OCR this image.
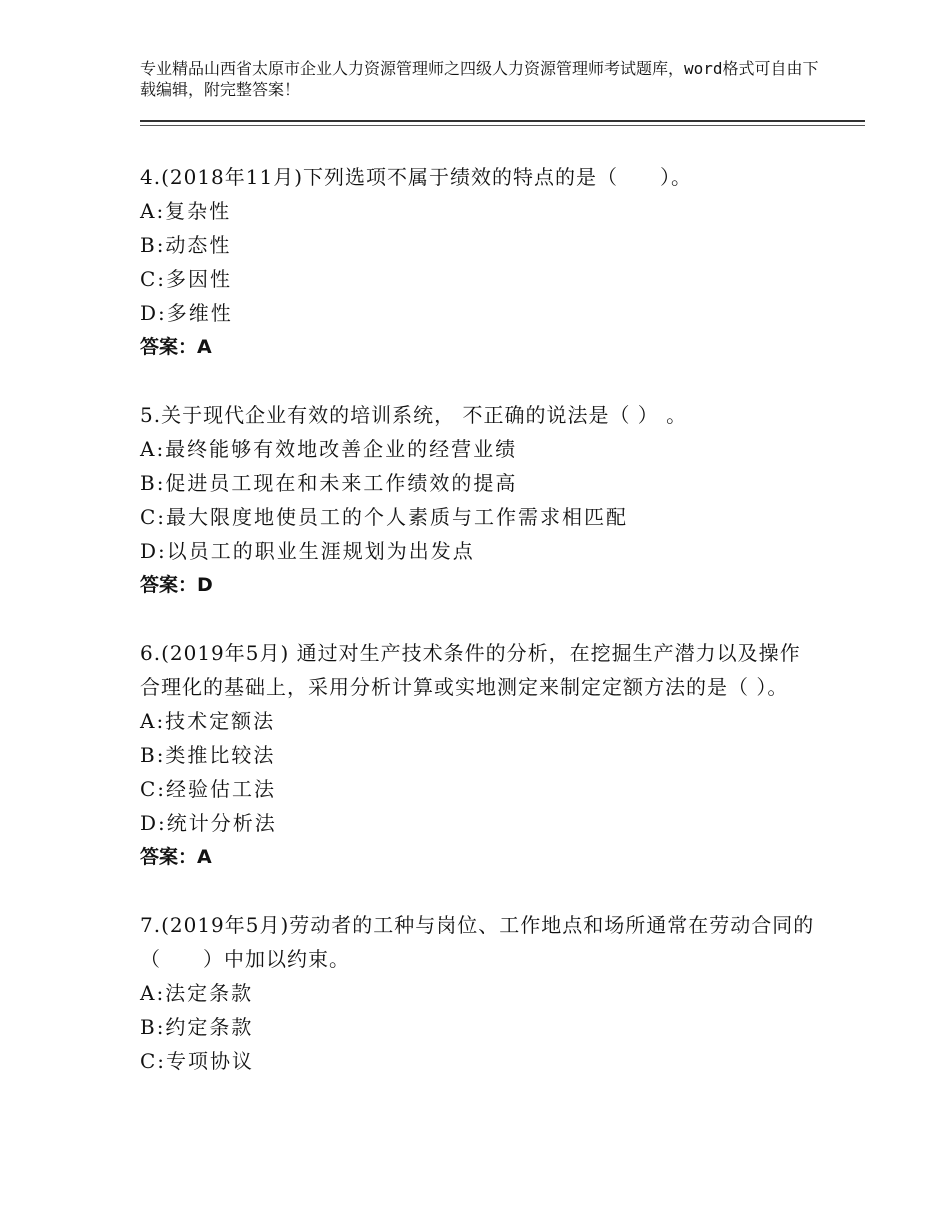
专业精品山西省太原市企业人力资源管理师之四级人力资源管理师考试题库，word格式可自由下载编辑，附完整答案！
4.(2018年11月)下列选项不属于绩效的特点的是（　　）。
A:复杂性
B:动态性
C:多因性
D:多维性
答案：A
5.关于现代企业有效的培训系统， 不正确的说法是（ ） 。
A:最终能够有效地改善企业的经营业绩
B:促进员工现在和未来工作绩效的提高
C:最大限度地使员工的个人素质与工作需求相匹配
D:以员工的职业生涯规划为出发点
答案：D
6.(2019年5月) 通过对生产技术条件的分析，在挖掘生产潜力以及操作合理化的基础上，采用分析计算或实地测定来制定定额方法的是（ ）。
A:技术定额法
B:类推比较法
C:经验估工法
D:统计分析法
答案：A
7.(2019年5月)劳动者的工种与岗位、工作地点和场所通常在劳动合同的（　　）中加以约束。
A:法定条款
B:约定条款
C:专项协议
